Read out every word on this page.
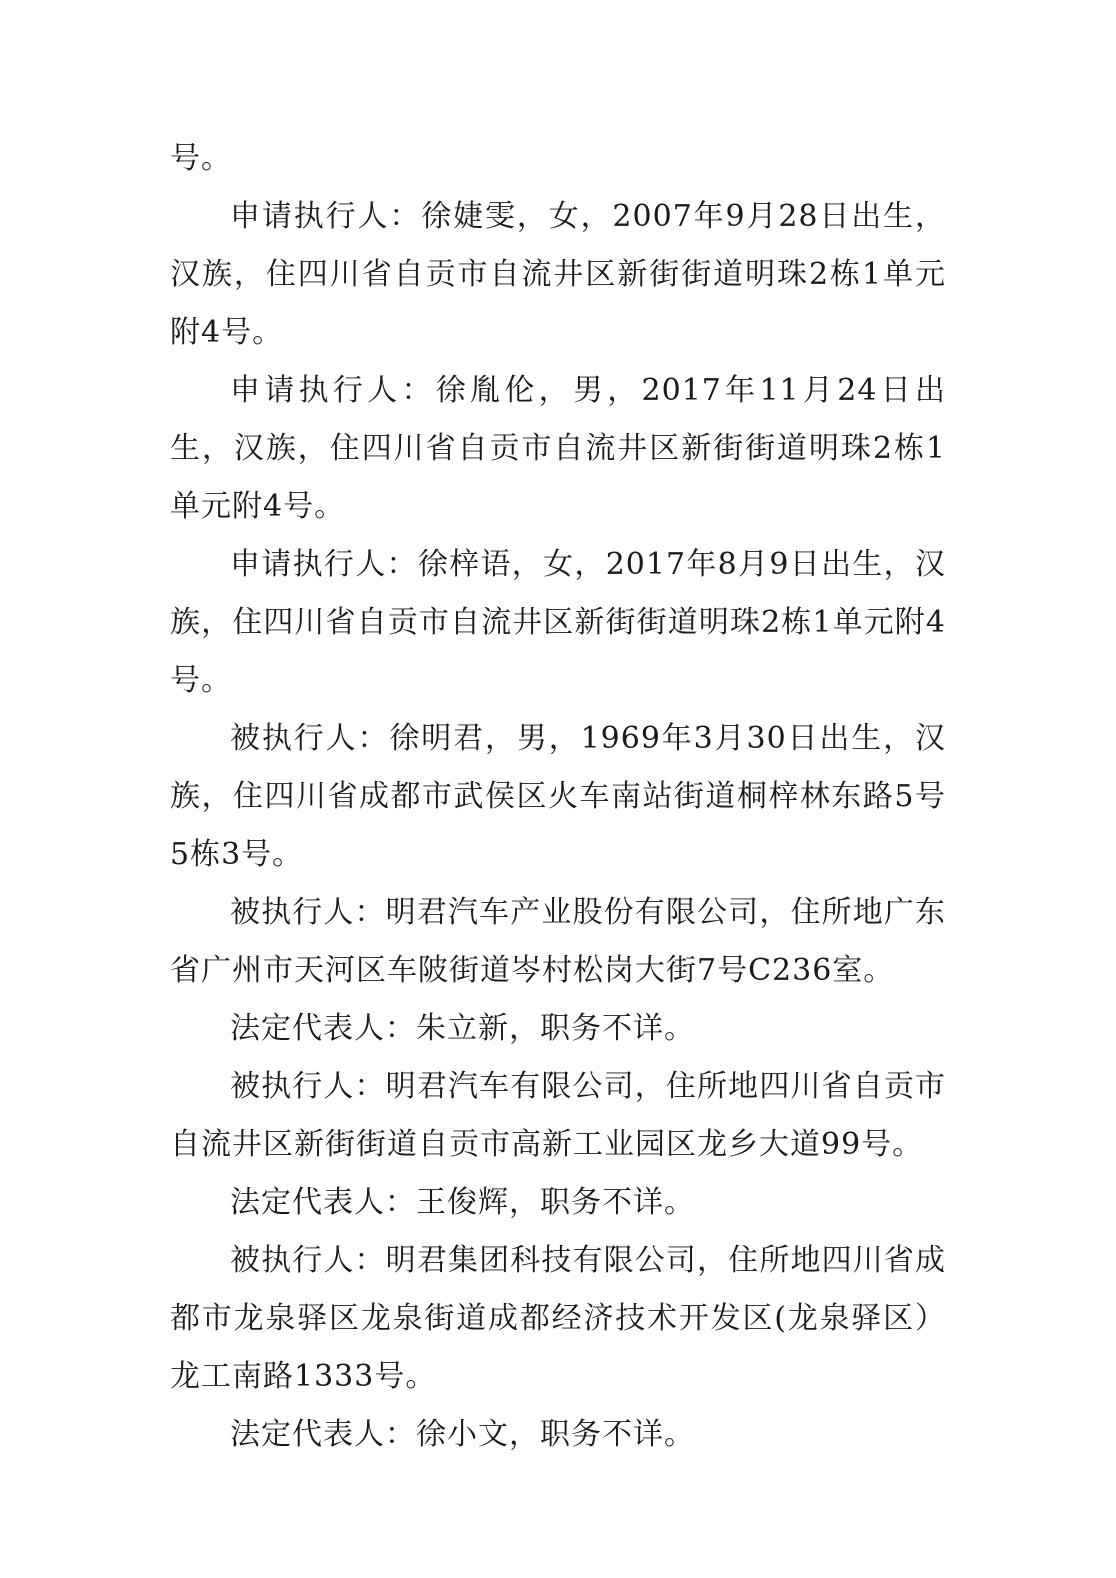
号。

申请执行人：徐婕雯，女，2007年9月28日出生，汉族，住四川省自贡市自流井区新街街道明珠2栋1单元附4号。

申请执行人：徐胤伦，男，2017年11月24日出生，汉族，住四川省自贡市自流井区新街街道明珠2栋1单元附4号。

申请执行人：徐梓语，女，2017年8月9日出生，汉族，住四川省自贡市自流井区新街街道明珠2栋1单元附4号。

被执行人：徐明君，男，1969年3月30日出生，汉族，住四川省成都市武侯区火车南站街道桐梓林东路5号5栋3号。

被执行人：明君汽车产业股份有限公司，住所地广东省广州市天河区车陂街道岑村松岗大街7号C236室。

法定代表人：朱立新，职务不详。

被执行人：明君汽车有限公司，住所地四川省自贡市自流井区新街街道自贡市高新工业园区龙乡大道99号。

法定代表人：王俊辉，职务不详。

被执行人：明君集团科技有限公司，住所地四川省成都市龙泉驿区龙泉街道成都经济技术开发区(龙泉驿区）龙工南路1333号。

法定代表人：徐小文，职务不详。
